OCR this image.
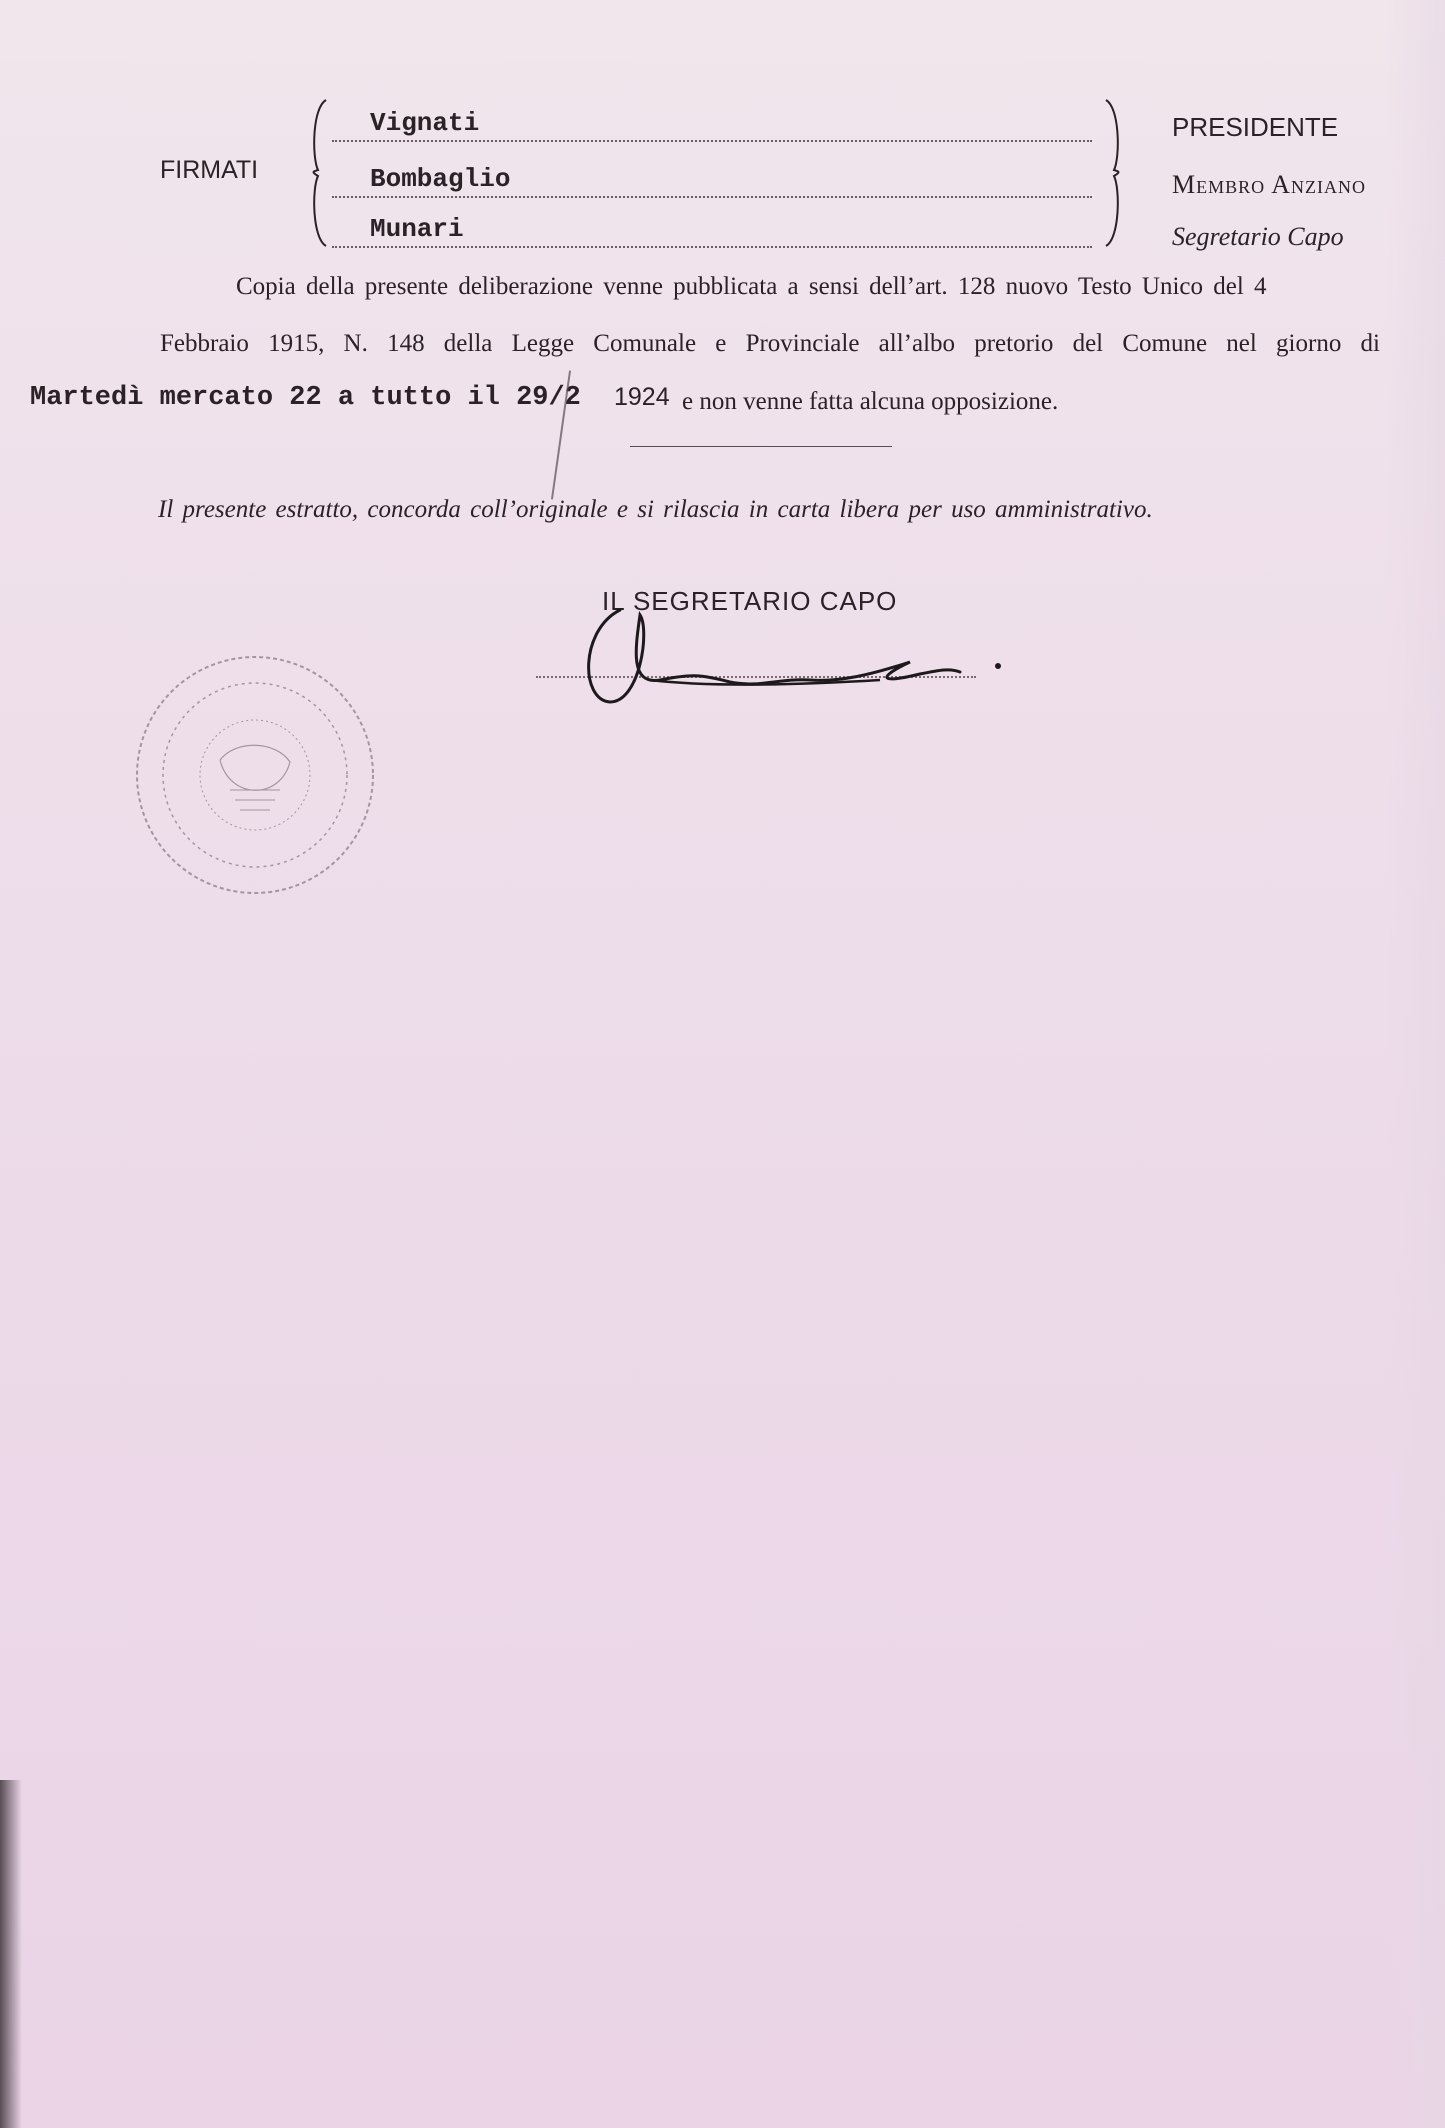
FIRMATI
Vignati
Bombaglio
Munari
PRESIDENTE
Membro Anziano
Segretario Capo
Copia della presente deliberazione venne pubblicata a sensi dell’art. 128 nuovo Testo Unico del 4
Febbraio 1915, N. 148 della Legge Comunale e Provinciale all’albo pretorio del Comune nel giorno di
Martedì mercato 22 a tutto il 29/2 1924 e non venne fatta alcuna opposizione.
Il presente estratto, concorda coll’originale e si rilascia in carta libera per uso amministrativo.
IL SEGRETARIO CAPO
